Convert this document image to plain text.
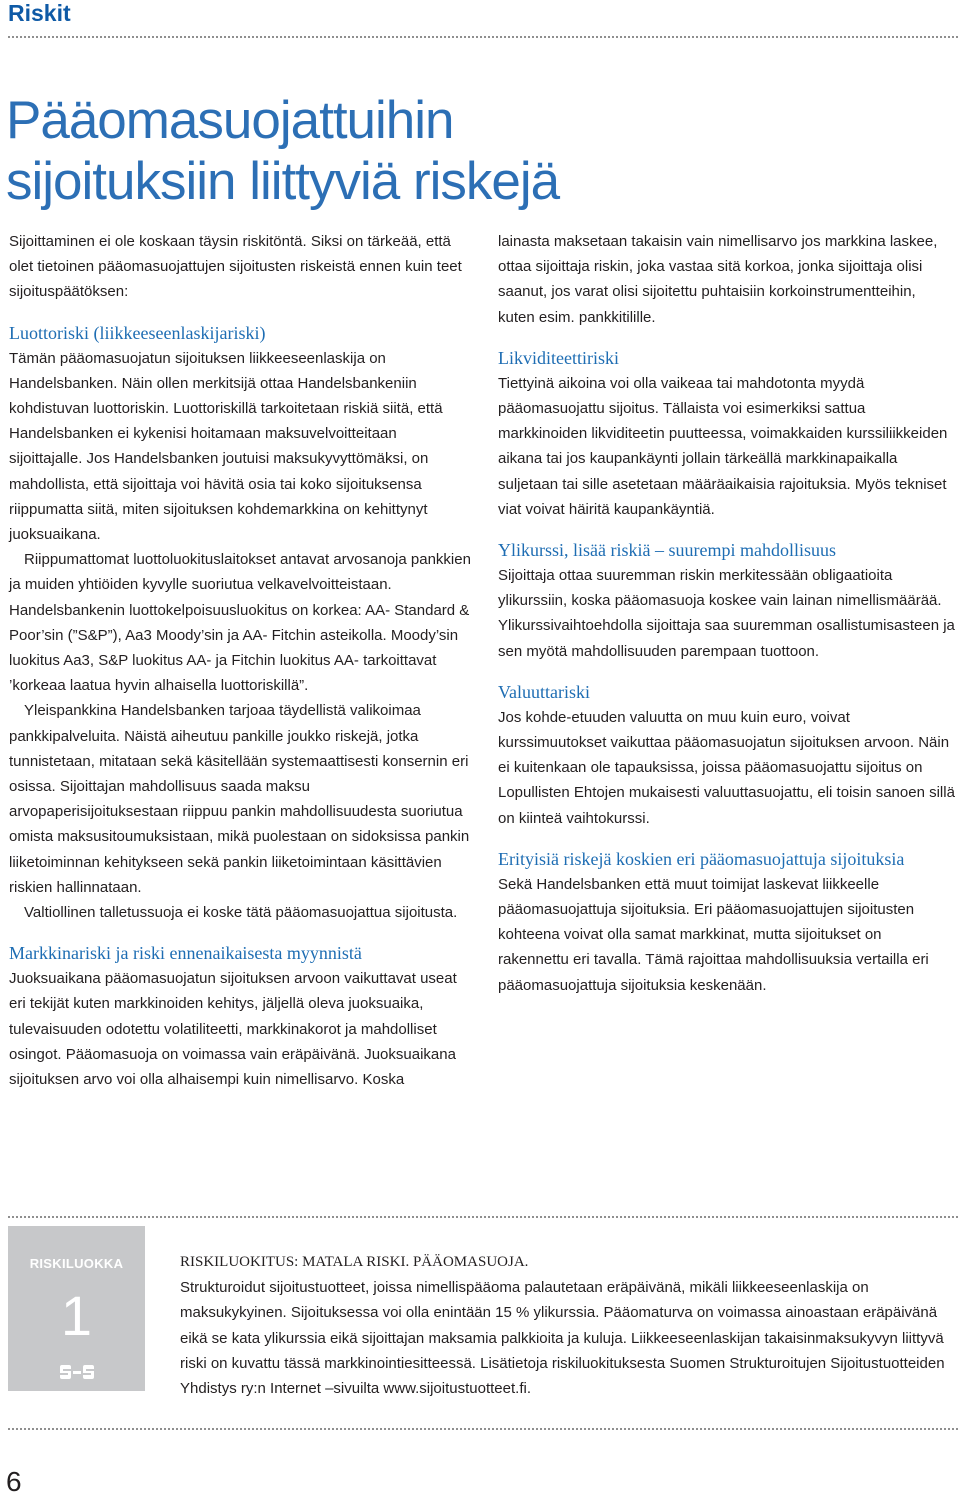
Riskit
Pääomasuojattuihin
sijoituksiin liittyviä riskejä

Sijoittaminen ei ole koskaan täysin riskitöntä. Siksi on tärkeää, että olet tietoinen pääomasuojattujen sijoitusten riskeistä ennen kuin teet sijoituspäätöksen:

Luottoriski (liikkeeseenlaskijariski)

Tämän pääomasuojatun sijoituksen liikkeeseenlaskija on Handelsbanken. Näin ollen merkitsijä ottaa Handelsbankeniin kohdistuvan luottoriskin. Luottoriskillä tarkoitetaan riskiä siitä, että Handelsbanken ei kykenisi hoitamaan maksuvelvoitteitaan sijoittajalle. Jos Handelsbanken joutuisi maksukyvyttömäksi, on mahdollista, että sijoittaja voi hävitä osia tai koko sijoituksensa riippumatta siitä, miten sijoituksen kohdemarkkina on kehittynyt juoksuaikana.

Riippumattomat luottoluokituslaitokset antavat arvosanoja pankkien ja muiden yhtiöiden kyvylle suoriutua velkavelvoitteistaan. Handelsbankenin luottokelpoisuusluokitus on korkea: AA- Standard & Poor’sin (”S&P”), Aa3 Moody’sin ja AA- Fitchin asteikolla. Moody’sin luokitus Aa3, S&P luokitus AA- ja Fitchin luokitus AA- tarkoittavat ’korkeaa laatua hyvin alhaisella luottoriskillä”.

Yleispankkina Handelsbanken tarjoaa täydellistä valikoimaa pankkipalveluita. Näistä aiheutuu pankille joukko riskejä, jotka tunnistetaan, mitataan sekä käsitellään systemaattisesti konsernin eri osissa. Sijoittajan mahdollisuus saada maksu arvopaperisijoituksestaan riippuu pankin mahdollisuudesta suoriutua omista maksusitoumuksistaan, mikä puolestaan on sidoksissa pankin liiketoiminnan kehitykseen sekä pankin liiketoimintaan käsittävien riskien hallinnataan.

Valtiollinen talletussuoja ei koske tätä pääomasuojattua sijoitusta.

Markkinariski ja riski ennenaikaisesta myynnistä

Juoksuaikana pääomasuojatun sijoituksen arvoon vaikuttavat useat eri tekijät kuten markkinoiden kehitys, jäljellä oleva juoksuaika, tulevaisuuden odotettu volatiliteetti, markkinakorot ja mahdolliset osingot. Pääomasuoja on voimassa vain eräpäivänä. Juoksuaikana sijoituksen arvo voi olla alhaisempi kuin nimellisarvo. Koska

lainasta maksetaan takaisin vain nimellisarvo jos markkina laskee, ottaa sijoittaja riskin, joka vastaa sitä korkoa, jonka sijoittaja olisi saanut, jos varat olisi sijoitettu puhtaisiin korkoinstrumentteihin, kuten esim. pankkitilille.

Likviditeettiriski

Tiettyinä aikoina voi olla vaikeaa tai mahdotonta myydä pääomasuojattu sijoitus. Tällaista voi esimerkiksi sattua markkinoiden likviditeetin puutteessa, voimakkaiden kurssiliikkeiden aikana tai jos kaupankäynti jollain tärkeällä markkinapaikalla suljetaan tai sille asetetaan määräaikaisia rajoituksia. Myös tekniset viat voivat häiritä kaupankäyntiä.

Ylikurssi, lisää riskiä – suurempi mahdollisuus

Sijoittaja ottaa suuremman riskin merkitessään obligaatioita ylikurssiin, koska pääomasuoja koskee vain lainan nimellismäärää. Ylikurssivaihtoehdolla sijoittaja saa suuremman osallistumisasteen ja sen myötä mahdollisuuden parempaan tuottoon.

Valuuttariski

Jos kohde-etuuden valuutta on muu kuin euro, voivat kurssimuutokset vaikuttaa pääomasuojatun sijoituksen arvoon. Näin ei kuitenkaan ole tapauksissa, joissa pääomasuojattu sijoitus on Lopullisten Ehtojen mukaisesti valuuttasuojattu, eli toisin sanoen sillä on kiinteä vaihtokurssi.

Erityisiä riskejä koskien eri pääomasuojattuja sijoituksia

Sekä Handelsbanken että muut toimijat laskevat liikkeelle pääomasuojattuja sijoituksia. Eri pääomasuojattujen sijoitusten kohteena voivat olla samat markkinat, mutta sijoitukset on rakennettu eri tavalla. Tämä rajoittaa mahdollisuuksia vertailla eri pääomasuojattuja sijoituksia keskenään.

RISKILUOKKA
1

RISKILUOKITUS: MATALA RISKI. PÄÄOMASUOJA.

Strukturoidut sijoitustuotteet, joissa nimellispääoma palautetaan eräpäivänä, mikäli liikkeeseenlaskija on maksukykyinen. Sijoituksessa voi olla enintään 15 % ylikurssia. Pääomaturva on voimassa ainoastaan eräpäivänä eikä se kata ylikurssia eikä sijoittajan maksamia palkkioita ja kuluja. Liikkeeseenlaskijan takaisinmaksukyvyn liittyvä riski on kuvattu tässä markkinointiesitteessä. Lisätietoja riskiluokituksesta Suomen Strukturoitujen Sijoitustuotteiden Yhdistys ry:n Internet –sivuilta www.sijoitustuotteet.fi.

6
